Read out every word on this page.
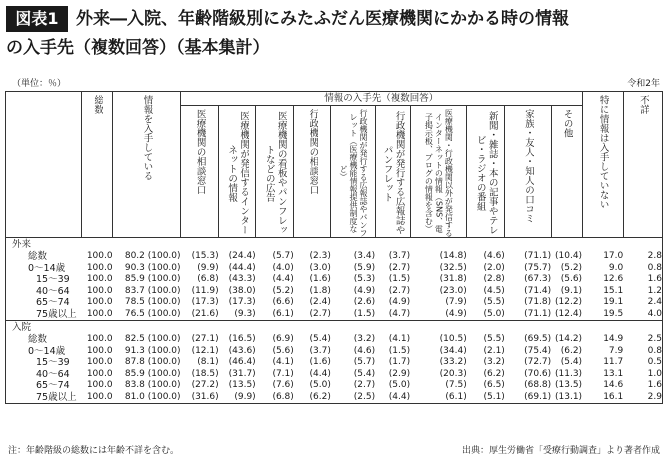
図表1	外来―入院、年齢階級別にみたふだん医療機関にかかる時の情報
の入手先（複数回答）（基本集計）
（単位：％）	令和2年

	総数	情報を入手している	情報の入手先（複数回答）										特に情報は入手していない	不詳

			医療機関の相談窓口	医療機関が発信するインターネットの情報	医療機関の看板やパンフレットなどの広告	行政機関の相談窓口	行政機関が発行する広報誌やパンフレット（医療機能情報提供制度など）	行政機関が発行する広報誌やパンフレット	医療機関・行政機関以外が発信するインターネットの情報（SNS、電子掲示板、ブログの情報を含む）	新聞・雑誌・本の記事やテレビ・ラジオの番組	家族・友人・知人の口コミ	その他		

外来														
総数	100.0	80.2 (100.0)	(15.3)	(24.4)	(5.7)	(2.3)	(3.4)	(3.7)	(14.8)	(4.6)	(71.1)	(10.4)	17.0	2.8
0～14歳	100.0	90.3 (100.0)	(9.9)	(44.4)	(4.0)	(3.0)	(5.9)	(2.7)	(32.5)	(2.0)	(75.7)	(5.2)	9.0	0.8
15～39	100.0	85.9 (100.0)	(6.8)	(43.3)	(4.4)	(1.6)	(5.3)	(1.5)	(31.8)	(2.8)	(67.3)	(5.6)	12.6	1.6
40～64	100.0	83.7 (100.0)	(11.9)	(38.0)	(5.2)	(1.8)	(4.9)	(2.7)	(23.0)	(4.5)	(71.4)	(9.1)	15.1	1.2
65～74	100.0	78.5 (100.0)	(17.3)	(17.3)	(6.6)	(2.4)	(2.6)	(4.9)	(7.9)	(5.5)	(71.8)	(12.2)	19.1	2.4
75歳以上	100.0	76.5 (100.0)	(21.6)	(9.3)	(6.1)	(2.7)	(1.5)	(4.7)	(4.9)	(5.0)	(71.1)	(12.4)	19.5	4.0
入院														
総数	100.0	82.5 (100.0)	(27.1)	(16.5)	(6.9)	(5.4)	(3.2)	(4.1)	(10.5)	(5.5)	(69.5)	(14.2)	14.9	2.5
0～14歳	100.0	91.3 (100.0)	(12.1)	(43.6)	(5.6)	(3.7)	(4.6)	(1.5)	(34.4)	(2.1)	(75.4)	(6.2)	7.9	0.8
15～39	100.0	87.8 (100.0)	(8.1)	(46.4)	(4.1)	(1.6)	(5.7)	(1.7)	(33.2)	(3.2)	(72.7)	(5.4)	11.7	0.5
40～64	100.0	85.9 (100.0)	(18.5)	(31.7)	(7.1)	(4.4)	(5.4)	(2.9)	(20.3)	(6.2)	(70.6)	(11.3)	13.1	1.0
65～74	100.0	83.8 (100.0)	(27.2)	(13.5)	(7.6)	(5.0)	(2.7)	(5.0)	(7.5)	(6.5)	(68.8)	(13.5)	14.6	1.6
75歳以上	100.0	81.0 (100.0)	(31.6)	(9.9)	(6.8)	(6.2)	(2.5)	(4.4)	(6.1)	(5.1)	(69.1)	(13.1)	16.1	2.9
注：年齢階級の総数には年齢不詳を含む。	出典：厚生労働省「受療行動調査」より著者作成
